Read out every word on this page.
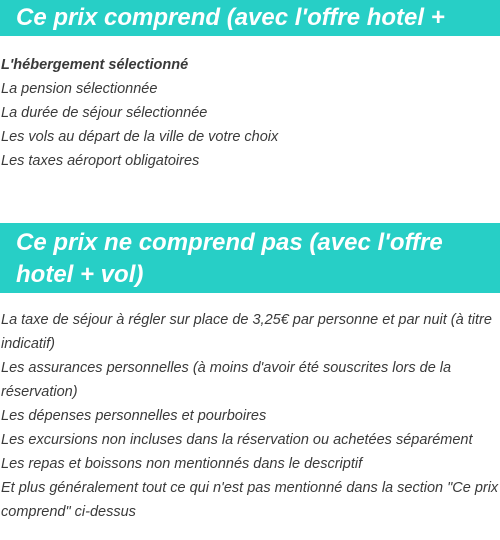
Ce prix comprend (avec l'offre hotel + vol)
L'hébergement sélectionné
La pension sélectionnée
La durée de séjour sélectionnée
Les vols au départ de la ville de votre choix
Les taxes aéroport obligatoires
Ce prix ne comprend pas (avec l'offre hotel + vol)
La taxe de séjour à régler sur place de 3,25€ par personne et par nuit (à titre indicatif)
Les assurances personnelles (à moins d'avoir été souscrites lors de la réservation)
Les dépenses personnelles et pourboires
Les excursions non incluses dans la réservation ou achetées séparément
Les repas et boissons non mentionnés dans le descriptif
Et plus généralement tout ce qui n'est pas mentionné dans la section "Ce prix comprend" ci-dessus
